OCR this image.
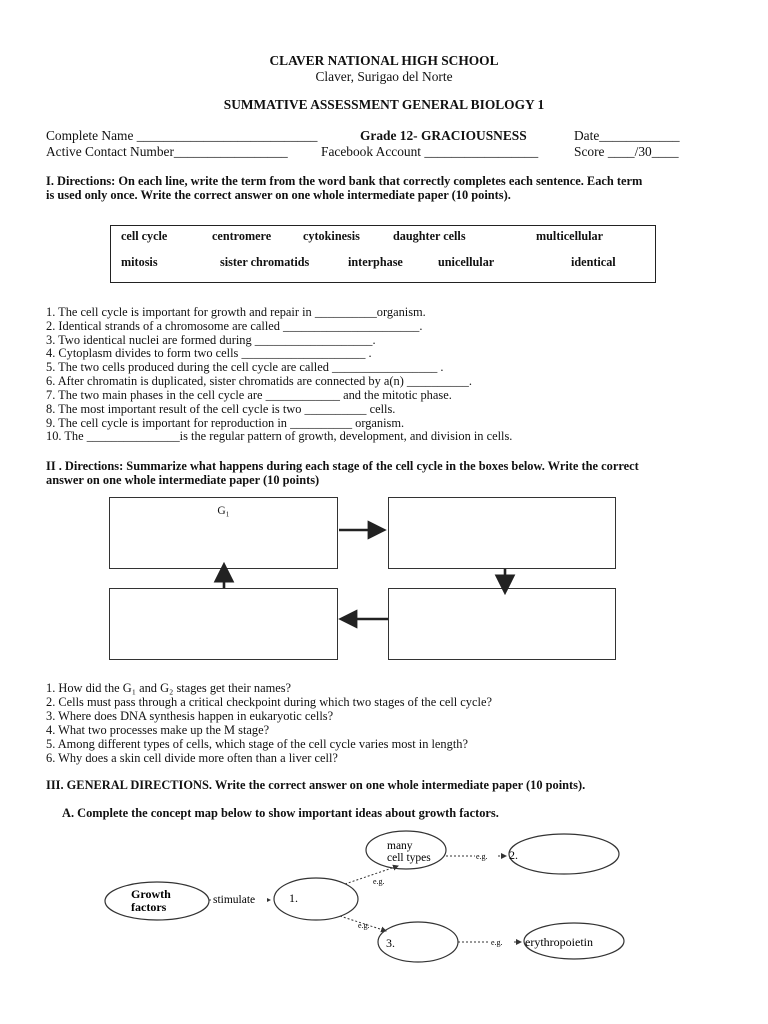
CLAVER NATIONAL HIGH SCHOOL
Claver, Surigao del Norte
SUMMATIVE ASSESSMENT GENERAL BIOLOGY 1
Complete Name ___________________________	Grade 12- GRACIOUSNESS	Date____________
Active Contact Number_________________ Facebook Account _________________	Score ____/30____
I. Directions: On each line, write the term from the word bank that correctly completes each sentence. Each term
is used only once. Write the correct answer on one whole intermediate paper (10 points).
cell cycle	centromere	cytokinesis	daughter cells	multicellular
mitosis	sister chromatids	interphase	unicellular	identical
1. The cell cycle is important for growth and repair in __________organism.
2. Identical strands of a chromosome are called ______________________.
3. Two identical nuclei are formed during ___________________.
4. Cytoplasm divides to form two cells ____________________ .
5. The two cells produced during the cell cycle are called _________________ .
6. After chromatin is duplicated, sister chromatids are connected by a(n) __________.
7. The two main phases in the cell cycle are ____________ and the mitotic phase.
8. The most important result of the cell cycle is two __________ cells.
9. The cell cycle is important for reproduction in __________ organism.
10. The _______________is the regular pattern of growth, development, and division in cells.
II . Directions: Summarize what happens during each stage of the cell cycle in the boxes below. Write the correct
answer on one whole intermediate paper (10 points)
G₁
1. How did the G₁ and G₂ stages get their names?
2. Cells must pass through a critical checkpoint during which two stages of the cell cycle?
3. Where does DNA synthesis happen in eukaryotic cells?
4. What two processes make up the M stage?
5. Among different types of cells, which stage of the cell cycle varies most in length?
6. Why does a skin cell divide more often than a liver cell?
III. GENERAL DIRECTIONS. Write the correct answer on one whole intermediate paper (10 points).
A. Complete the concept map below to show important ideas about growth factors.
Growth
factors	stimulate	1.
e.g.
e.g.
many
cell types	e.g. 2.
3.	e.g. erythropoietin
